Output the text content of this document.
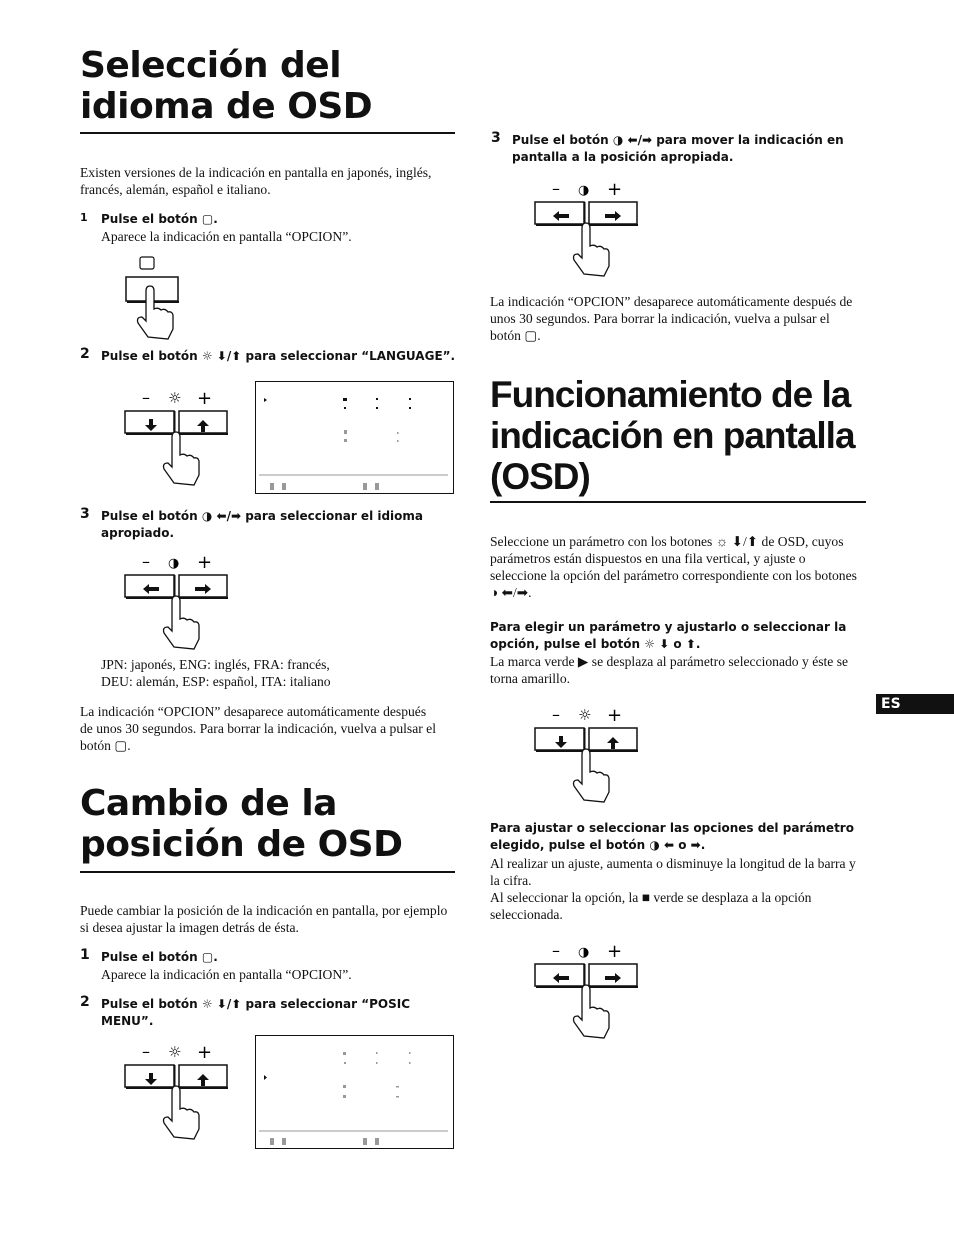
Selección del
idioma de OSD
Existen versiones de la indicación en pantalla en japonés, inglés, francés, alemán, español e italiano.
1 Pulse el botón ▢.
Aparece la indicación en pantalla “OPCION”.
2 Pulse el botón ☼ ⬇/⬆ para seleccionar “LANGUAGE”.
– ☼ +
3 Pulse el botón ◑ ⬅/➡ para seleccionar el idioma apropiado.
– ◑ +
JPN: japonés, ENG: inglés, FRA: francés,
DEU: alemán, ESP: español, ITA: italiano
La indicación “OPCION” desaparece automáticamente después de unos 30 segundos. Para borrar la indicación, vuelva a pulsar el botón ▢.
Cambio de la
posición de OSD
Puede cambiar la posición de la indicación en pantalla, por ejemplo si desea ajustar la imagen detrás de ésta.
1 Pulse el botón ▢.
Aparece la indicación en pantalla “OPCION”.
2 Pulse el botón ☼ ⬇/⬆ para seleccionar “POSIC MENU”.
– ☼ +
3 Pulse el botón ◑ ⬅/➡ para mover la indicación en pantalla a la posición apropiada.
– ◑ +
La indicación “OPCION” desaparece automáticamente después de unos 30 segundos. Para borrar la indicación, vuelva a pulsar el botón ▢.
Funcionamiento de la
indicación en pantalla
(OSD)
Seleccione un parámetro con los botones ☼ ⬇/⬆ de OSD, cuyos parámetros están dispuestos en una fila vertical, y ajuste o seleccione la opción del parámetro correspondiente con los botones ◑ ⬅/➡.
Para elegir un parámetro y ajustarlo o seleccionar la opción, pulse el botón ☼ ⬇ o ⬆.
La marca verde ▶ se desplaza al parámetro seleccionado y éste se torna amarillo.
– ☼ +
Para ajustar o seleccionar las opciones del parámetro elegido, pulse el botón ◑ ⬅ o ➡.
Al realizar un ajuste, aumenta o disminuye la longitud de la barra y la cifra.
Al seleccionar la opción, la ■ verde se desplaza a la opción seleccionada.
– ◑ +
ES
